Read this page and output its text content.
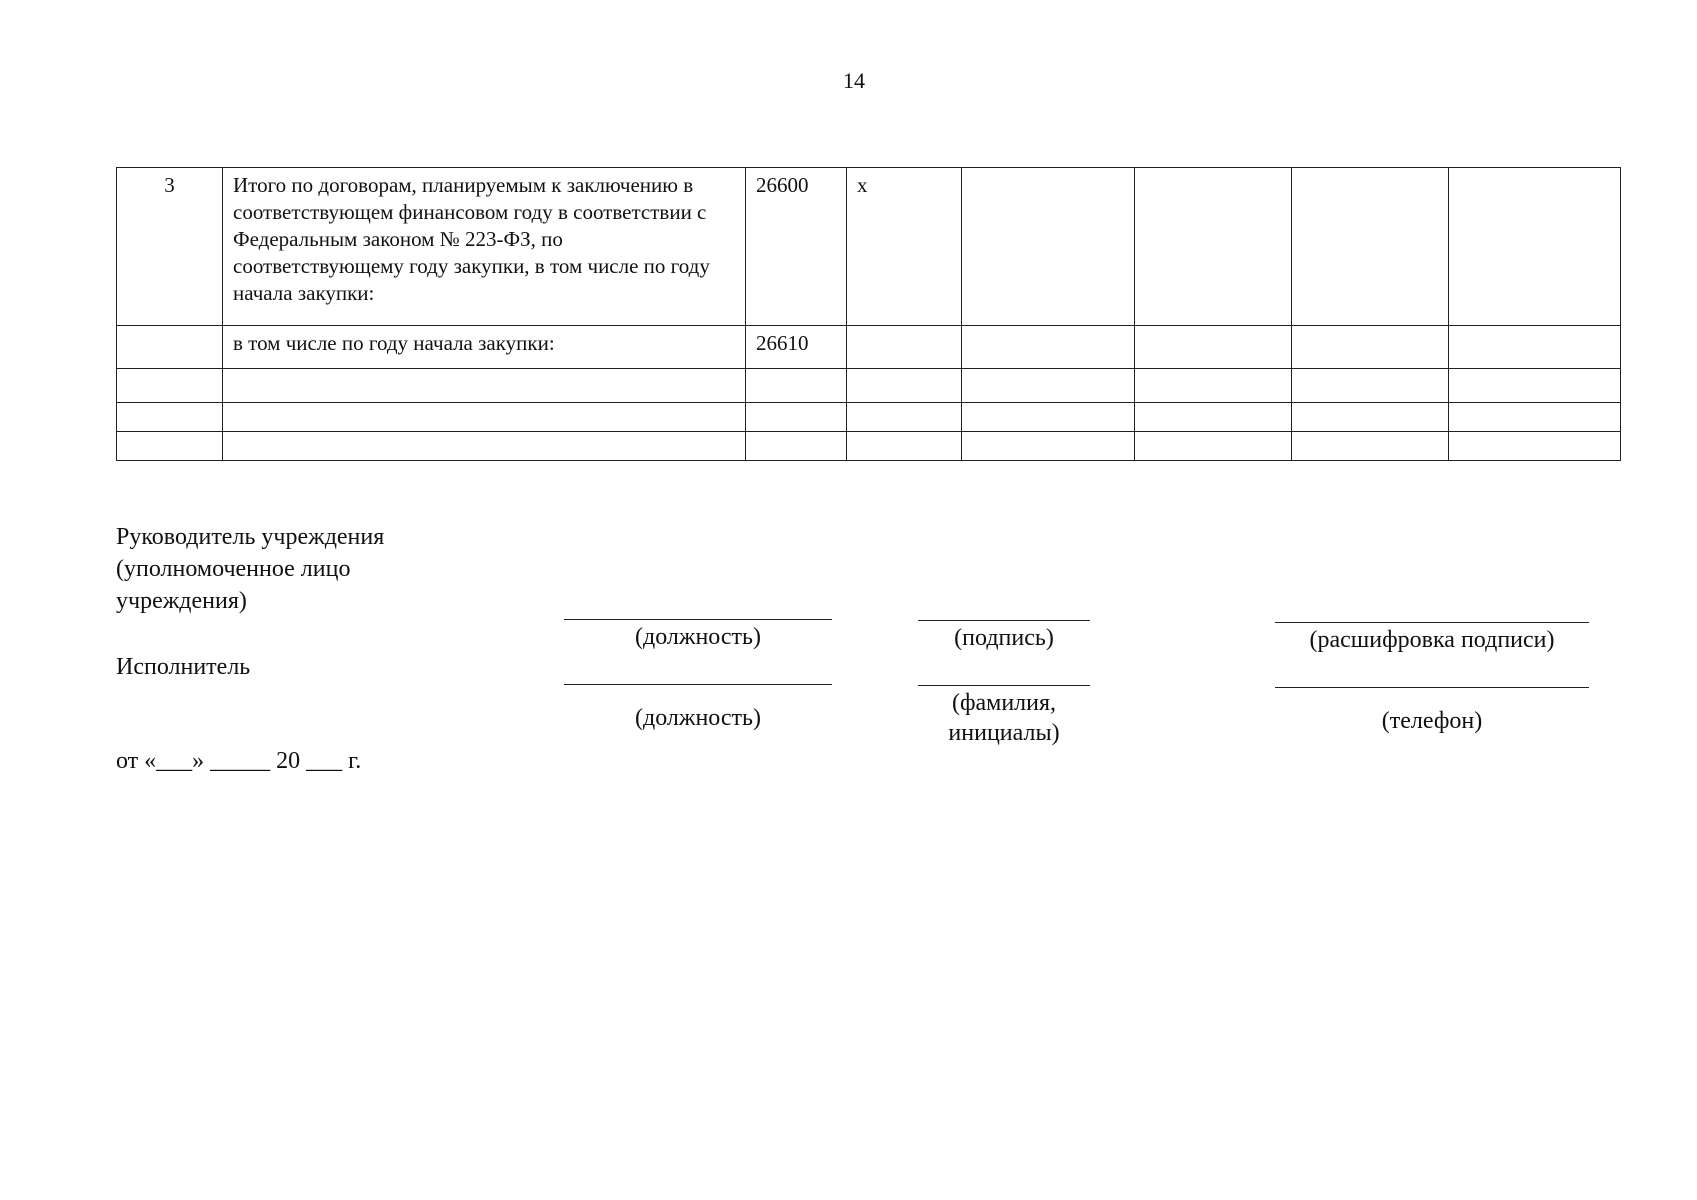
14
3	Итого по договорам, планируемым к заключению в соответствующем финансовом году в соответствии с Федеральным законом № 223-ФЗ, по соответствующему году закупки, в том числе по году начала закупки:	26600	x				
	в том числе по году начала закупки:	26610					

Руководитель учреждения
(уполномоченное лицо
учреждения)
(должность)	(подпись)	(расшифровка подписи)
Исполнитель
(должность)
(фамилия,
инициалы)	(телефон)
от «___» _____ 20 ___ г.
